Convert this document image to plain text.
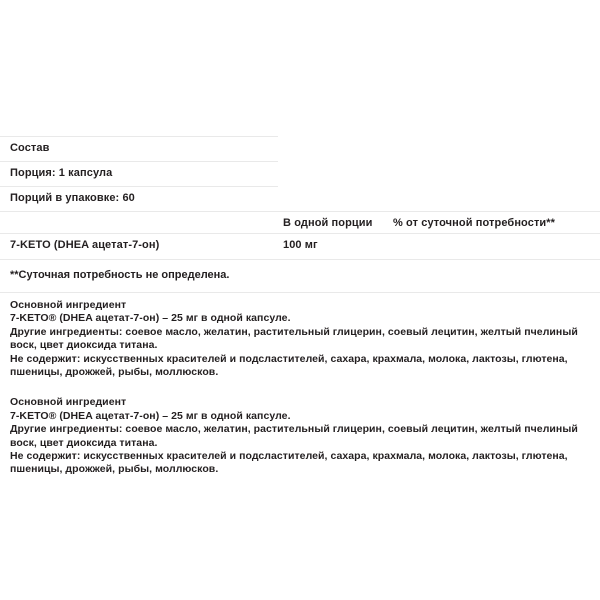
Состав
Порция: 1 капсула
Порций в упаковке: 60
В одной порции % от суточной потребности**
7-KETO (DHEA ацетат-7-он)	100 мг
**Суточная потребность не определена.

Основной ингредиент

7-KETO® (DHEA ацетат-7-он) – 25 мг в одной капсуле.

Другие ингредиенты: соевое масло, желатин, растительный глицерин, соевый лецитин, желтый пчелиный воск, цвет диоксида титана.

Не содержит: искусственных красителей и подсластителей, сахара, крахмала, молока, лактозы, глютена, пшеницы, дрожжей, рыбы, моллюсков.

Основной ингредиент

7-KETO® (DHEA ацетат-7-он) – 25 мг в одной капсуле.

Другие ингредиенты: соевое масло, желатин, растительный глицерин, соевый лецитин, желтый пчелиный воск, цвет диоксида титана.

Не содержит: искусственных красителей и подсластителей, сахара, крахмала, молока, лактозы, глютена, пшеницы, дрожжей, рыбы, моллюсков.
